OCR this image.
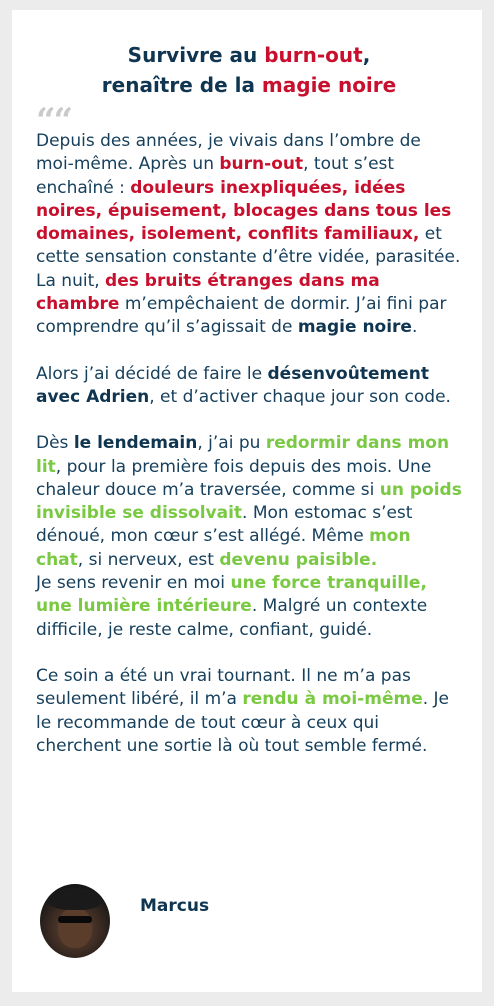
Survivre au burn-out,
renaître de la magie noire
““

Depuis des années, je vivais dans l’ombre de moi-même. Après un burn-out, tout s’est enchaîné : douleurs inexpliquées, idées noires, épuisement, blocages dans tous les domaines, isolement, conflits familiaux, et cette sensation constante d’être vidée, parasitée. La nuit, des bruits étranges dans ma chambre m’empêchaient de dormir. J’ai fini par comprendre qu’il s’agissait de magie noire.

Alors j’ai décidé de faire le désenvoûtement avec Adrien, et d’activer chaque jour son code.

Dès le lendemain, j’ai pu redormir dans mon lit, pour la première fois depuis des mois. Une chaleur douce m’a traversée, comme si un poids invisible se dissolvait. Mon estomac s’est dénoué, mon cœur s’est allégé. Même mon chat, si nerveux, est devenu paisible.
Je sens revenir en moi une force tranquille, une lumière intérieure. Malgré un contexte difficile, je reste calme, confiant, guidé.

Ce soin a été un vrai tournant. Il ne m’a pas seulement libéré, il m’a rendu à moi-même. Je le recommande de tout cœur à ceux qui cherchent une sortie là où tout semble fermé.

Marcus
